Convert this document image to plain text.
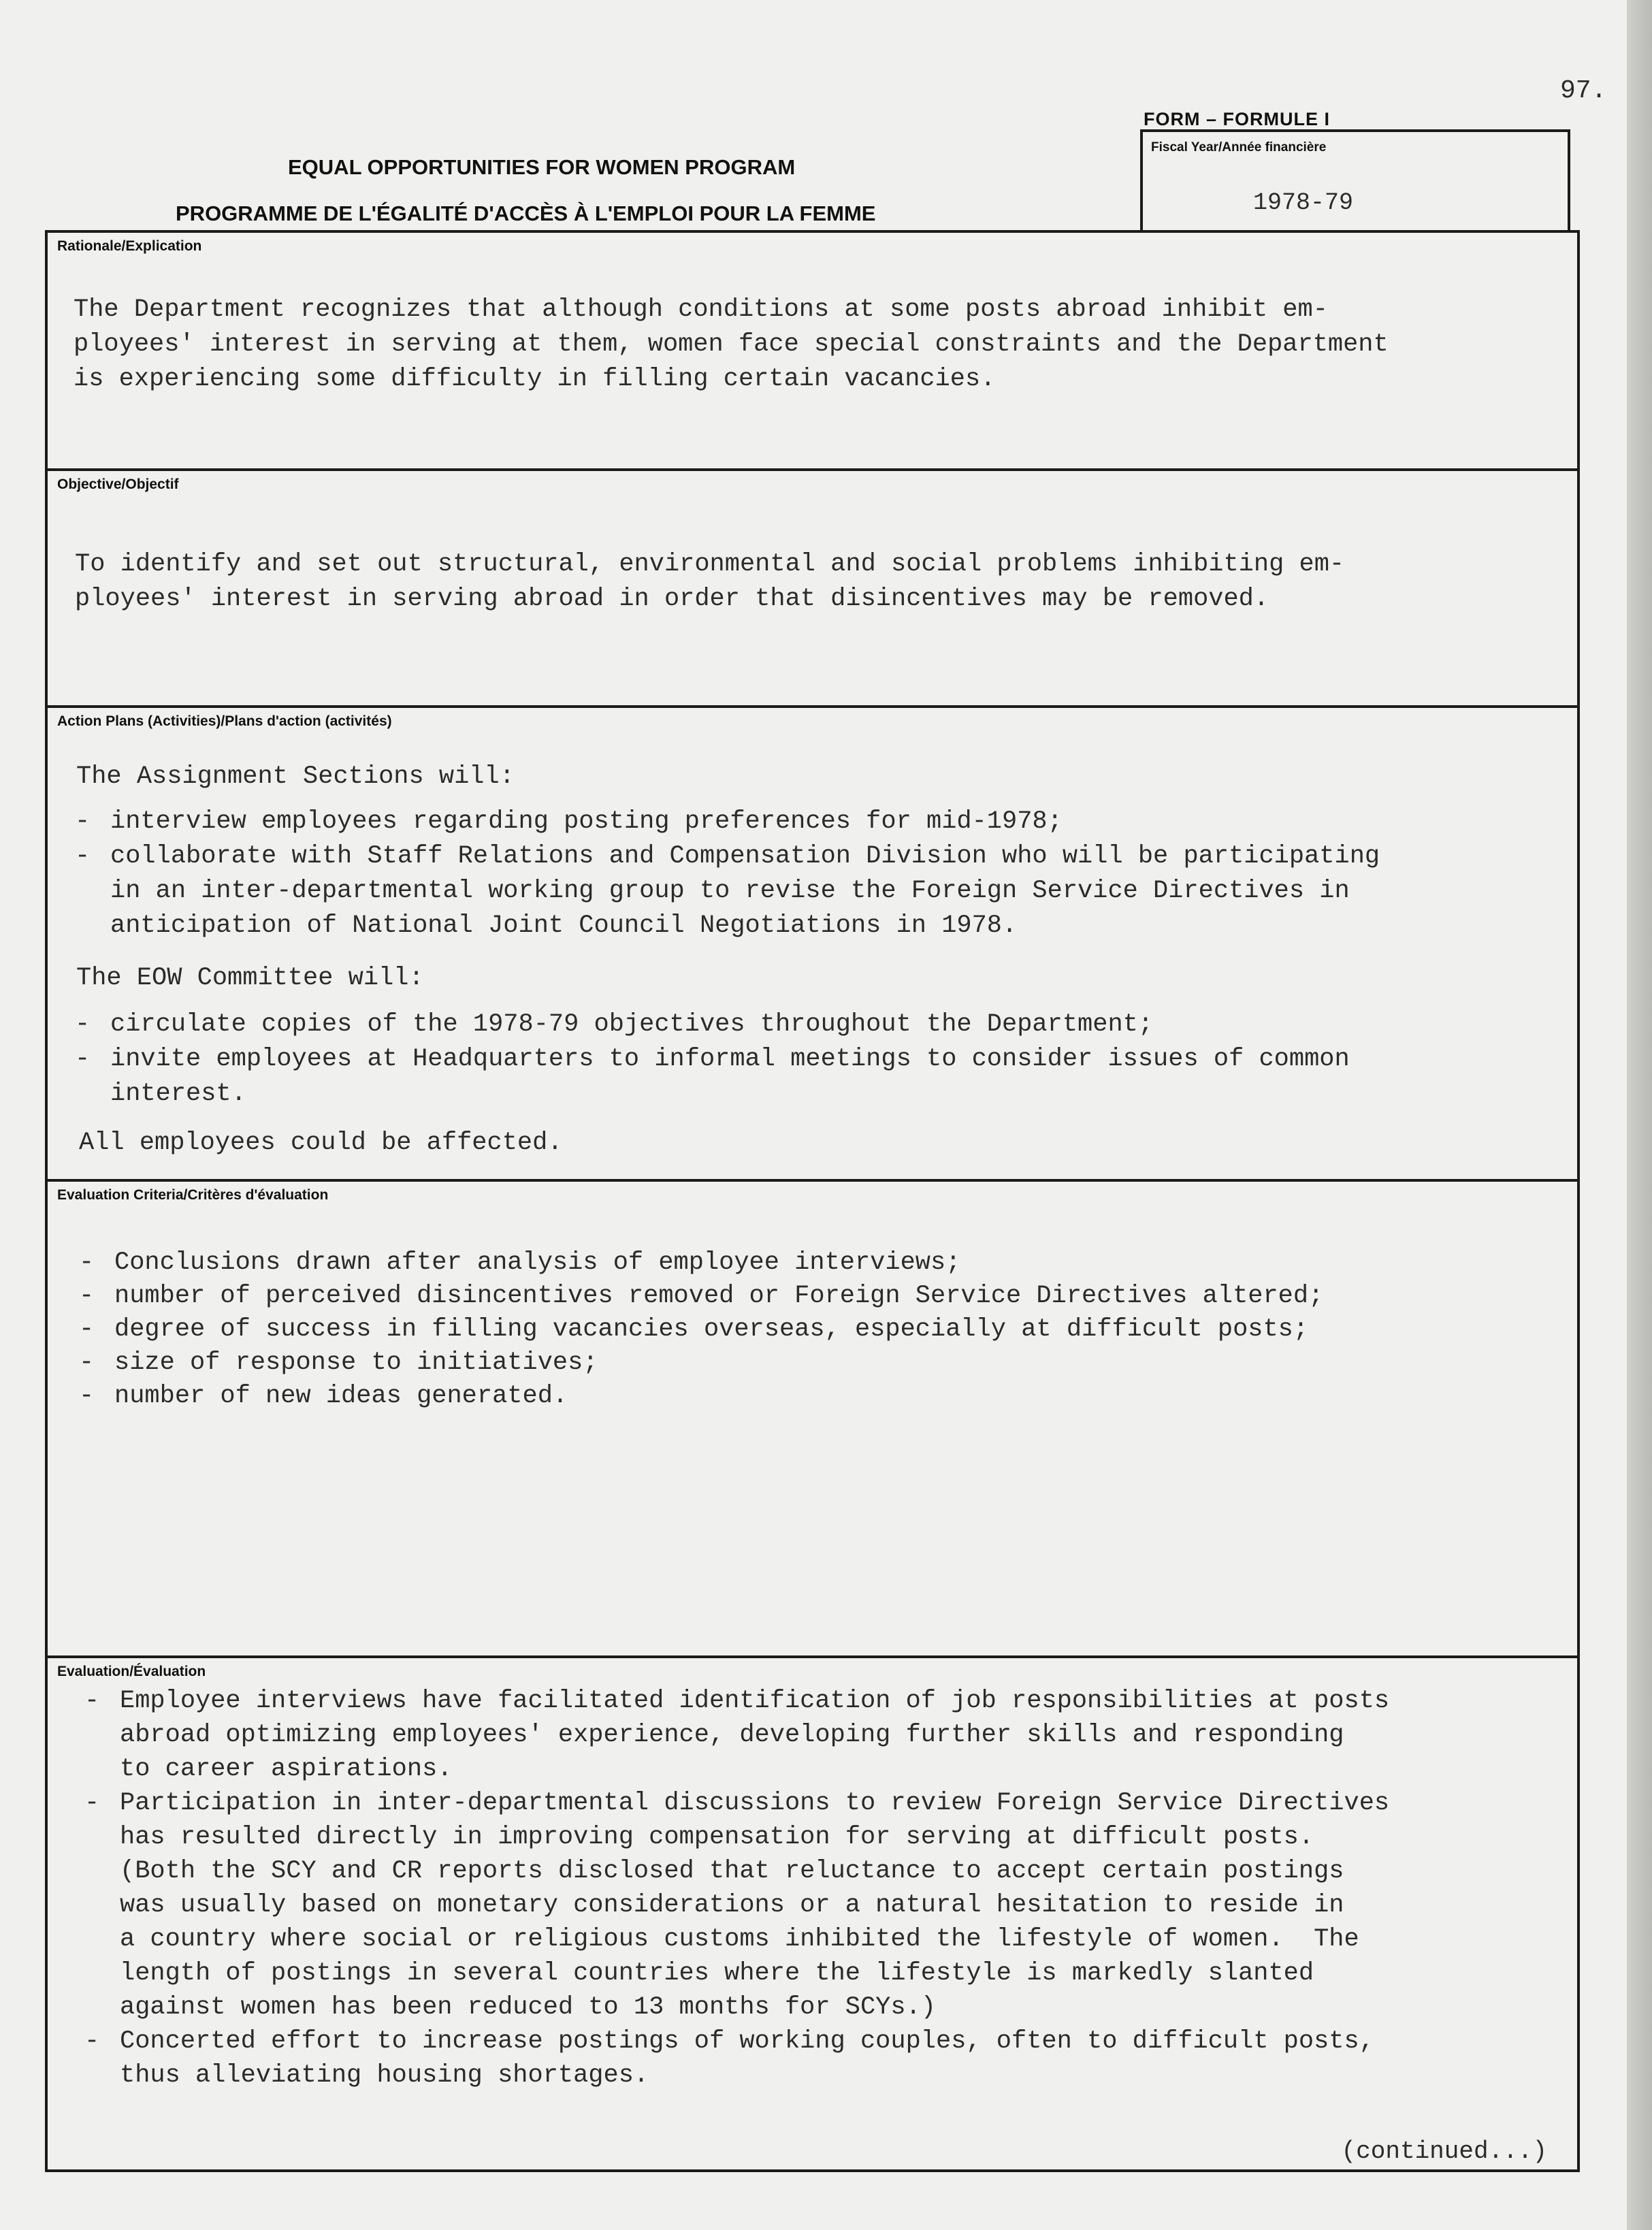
97.
FORM – FORMULE I
Fiscal Year/Année financière
1978-79
EQUAL OPPORTUNITIES FOR WOMEN PROGRAM
PROGRAMME DE L'ÉGALITÉ D'ACCÈS À L'EMPLOI POUR LA FEMME
Rationale/Explication
The Department recognizes that although conditions at some posts abroad inhibit em-
ployees' interest in serving at them, women face special constraints and the Department
is experiencing some difficulty in filling certain vacancies.
Objective/Objectif
To identify and set out structural, environmental and social problems inhibiting em-
ployees' interest in serving abroad in order that disincentives may be removed.
Action Plans (Activities)/Plans d'action (activités)
The Assignment Sections will:

-

interview employees regarding posting preferences for mid-1978;

-

collaborate with Staff Relations and Compensation Division who will be participating

in an inter-departmental working group to revise the Foreign Service Directives in
anticipation of National Joint Council Negotiations in 1978.
The EOW Committee will:

-

circulate copies of the 1978-79 objectives throughout the Department;

-

invite employees at Headquarters to informal meetings to consider issues of common

interest.
All employees could be affected.
Evaluation Criteria/Critères d'évaluation

-

Conclusions drawn after analysis of employee interviews;

-

number of perceived disincentives removed or Foreign Service Directives altered;

-

degree of success in filling vacancies overseas, especially at difficult posts;

-

size of response to initiatives;

-

number of new ideas generated.

Evaluation/Évaluation

-

Employee interviews have facilitated identification of job responsibilities at posts

abroad optimizing employees' experience, developing further skills and responding
to career aspirations.

-

Participation in inter-departmental discussions to review Foreign Service Directives

has resulted directly in improving compensation for serving at difficult posts.
(Both the SCY and CR reports disclosed that reluctance to accept certain postings
was usually based on monetary considerations or a natural hesitation to reside in
a country where social or religious customs inhibited the lifestyle of women.  The
length of postings in several countries where the lifestyle is markedly slanted
against women has been reduced to 13 months for SCYs.)

-

Concerted effort to increase postings of working couples, often to difficult posts,

thus alleviating housing shortages.
(continued...)
